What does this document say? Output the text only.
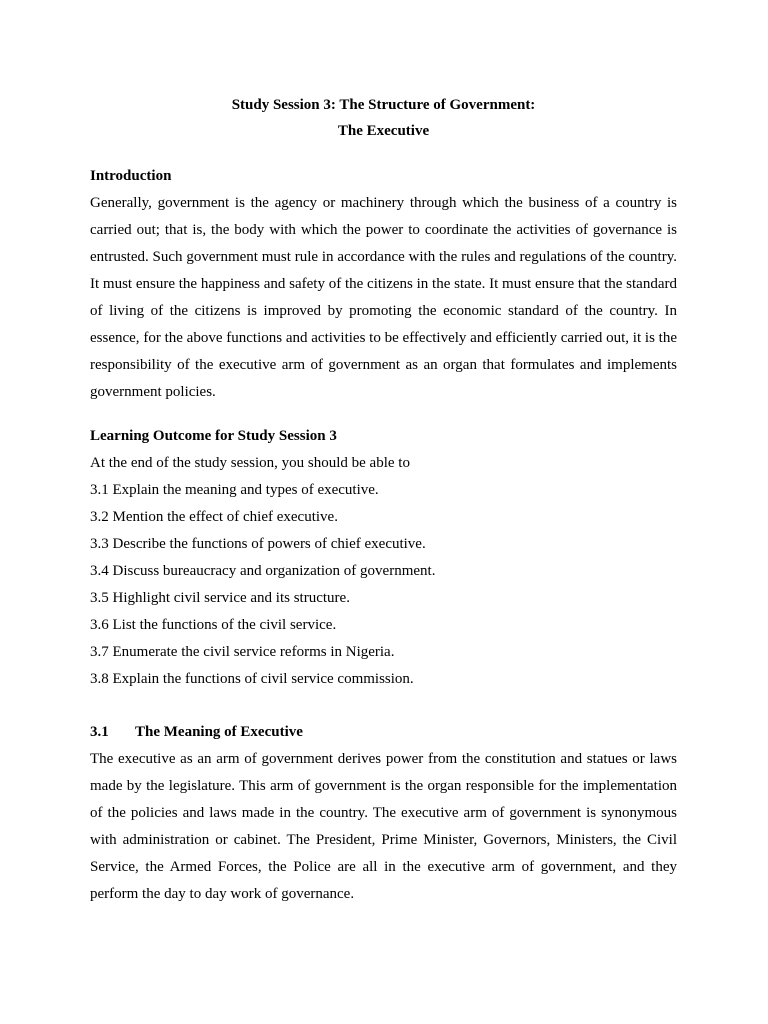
Study Session 3: The Structure of Government:

The Executive

Introduction

Generally, government is the agency or machinery through which the business of a country is carried out; that is, the body with which the power to coordinate the activities of governance is entrusted. Such government must rule in accordance with the rules and regulations of the country. It must ensure the happiness and safety of the citizens in the state. It must ensure that the standard of living of the citizens is improved by promoting the economic standard of the country. In essence, for the above functions and activities to be effectively and efficiently carried out, it is the responsibility of the executive arm of government as an organ that formulates and implements government policies.

Learning Outcome for Study Session 3

At the end of the study session, you should be able to

3.1 Explain the meaning and types of executive.

3.2 Mention the effect of chief executive.

3.3 Describe the functions of powers of chief executive.

3.4 Discuss bureaucracy and organization of government.

3.5 Highlight civil service and its structure.

3.6 List the functions of the civil service.

3.7 Enumerate the civil service reforms in Nigeria.

3.8 Explain the functions of civil service commission.

3.1 The Meaning of Executive

The executive as an arm of government derives power from the constitution and statues or laws made by the legislature. This arm of government is the organ responsible for the implementation of the policies and laws made in the country. The executive arm of government is synonymous with administration or cabinet. The President, Prime Minister, Governors, Ministers, the Civil Service, the Armed Forces, the Police are all in the executive arm of government, and they perform the day to day work of governance.
